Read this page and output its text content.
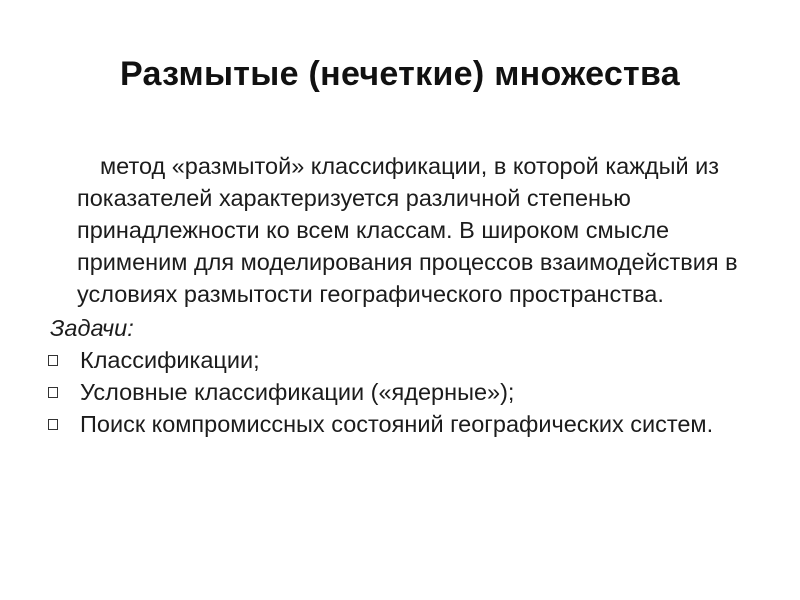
Размытые (нечеткие) множества

метод «размытой» классификации, в которой каждый из показателей характеризуется различной степенью принадлежности ко всем классам. В широком смысле применим для моделирования процессов взаимодействия в условиях размытости географического пространства.

Задачи:

Классификации;
Условные классификации («ядерные»);
Поиск компромиссных состояний географических систем.
